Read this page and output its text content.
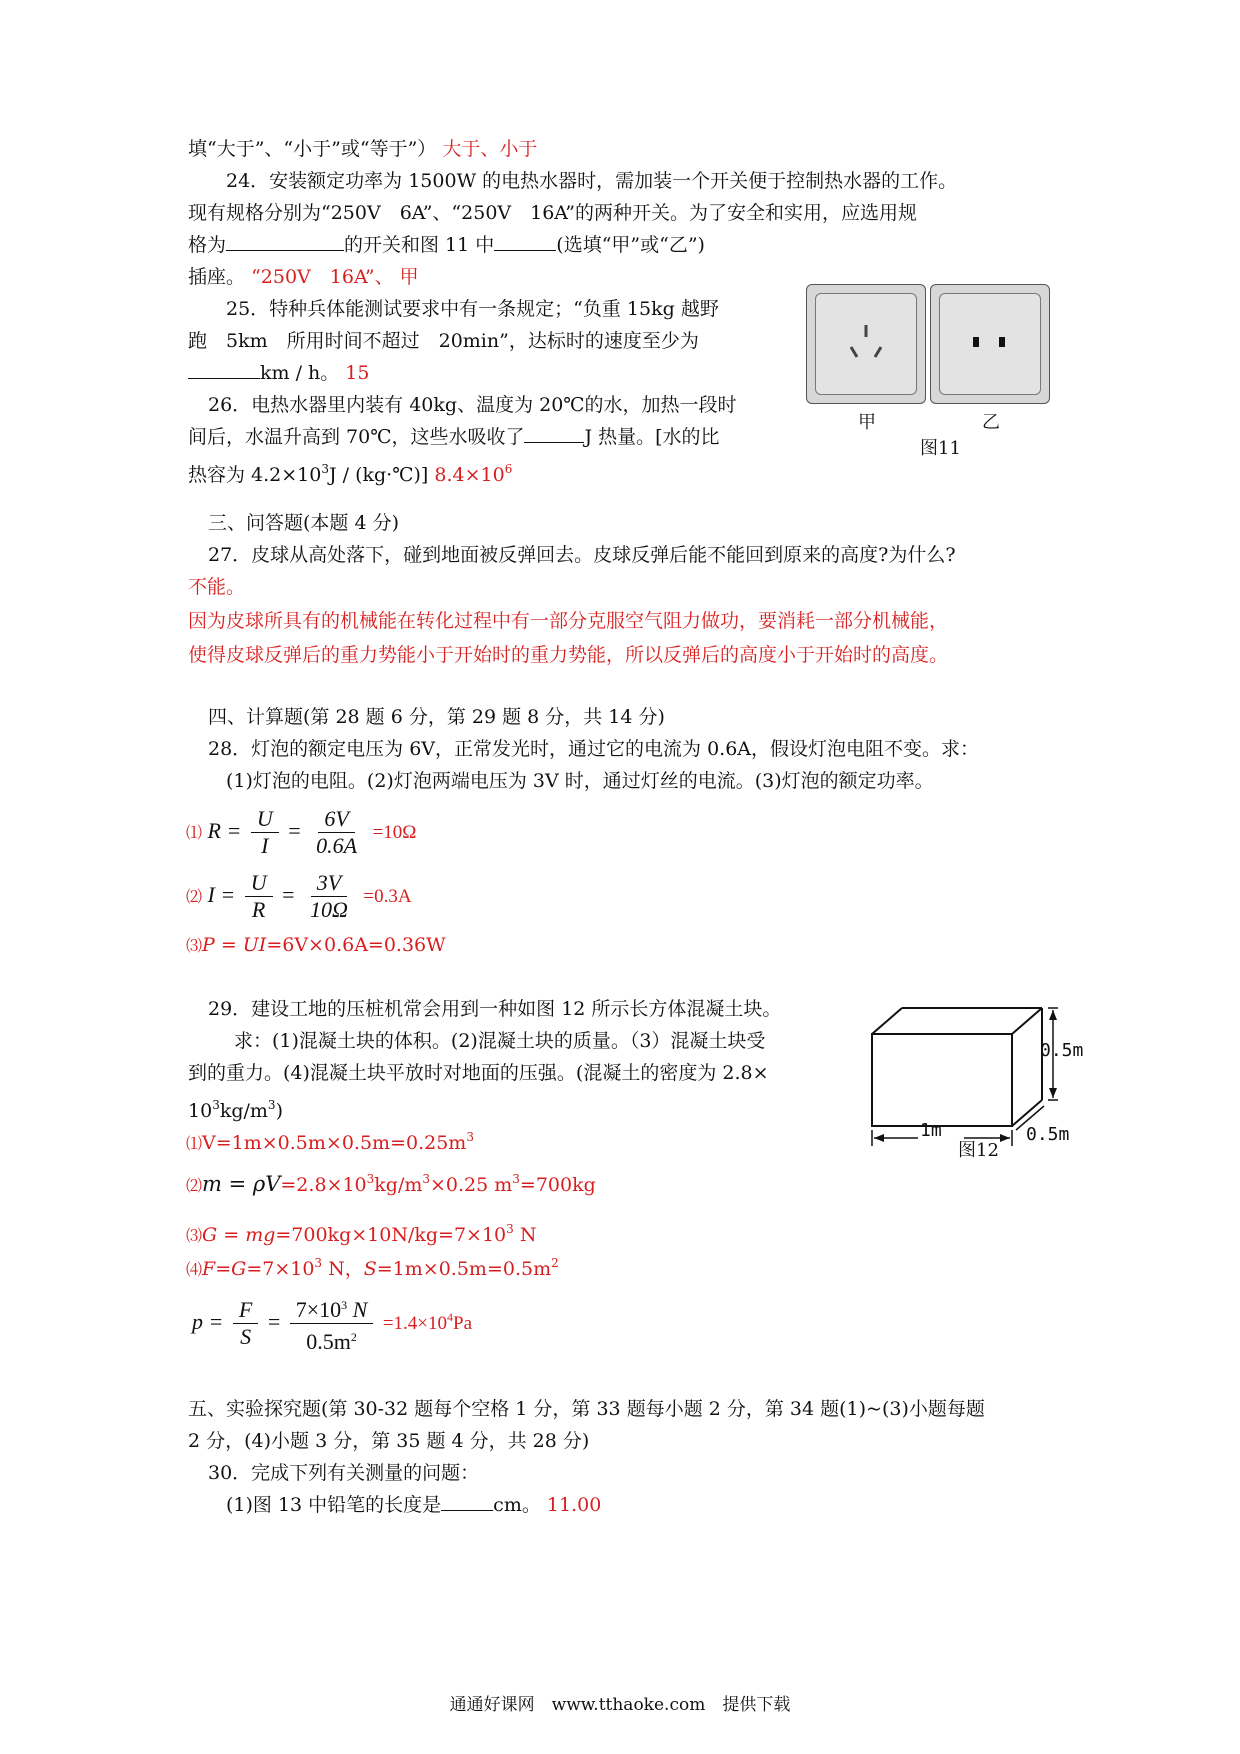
填“大于”、“小于”或“等于”） 大于、小于
24．安装额定功率为 1500W 的电热水器时，需加装一个开关便于控制热水器的工作。
现有规格分别为“250V　6A”、“250V　16A”的两种开关。为了安全和实用，应选用规
格为	的开关和图 11 中	(选填“甲”或“乙”)
插座。 “250V　16A”、 甲
25．特种兵体能测试要求中有一条规定；“负重 15kg 越野
跑　5km　所用时间不超过　20min”，达标时的速度至少为
km / h。 15
26．电热水器里内装有 40kg、温度为 20℃的水，加热一段时
间后，水温升高到 70℃，这些水吸收了	J 热量。[水的比
热容为 $4.2\times 10^3J$ / (kg·℃)] $8.4\times 10^6$
甲	乙
图11
三、问答题(本题 4 分)
27．皮球从高处落下，碰到地面被反弹回去。皮球反弹后能不能回到原来的高度?为什么?
不能。
因为皮球所具有的机械能在转化过程中有一部分克服空气阻力做功，要消耗一部分机械能，
使得皮球反弹后的重力势能小于开始时的重力势能，所以反弹后的高度小于开始时的高度。
四、计算题(第 28 题 6 分，第 29 题 8 分，共 14 分)
28．灯泡的额定电压为 6V，正常发光时，通过它的电流为 0.6A，假设灯泡电阻不变。求：
(1)灯泡的电阻。(2)灯泡两端电压为 3V 时，通过灯丝的电流。(3)灯泡的额定功率。
⑴ $R = \frac{U}{I} = \frac{6V}{0.6A} =10\Omega$
⑵ $I = \frac{U}{R} = \frac{3V}{10\Omega} =0.3A$
⑶P = UI=6V×0.6A=0.36W
29．建设工地的压桩机常会用到一种如图 12 所示长方体混凝土块。
求：(1)混凝土块的体积。(2)混凝土块的质量。（3）混凝土块受
到的重力。(4)混凝土块平放时对地面的压强。(混凝土的密度为 2.8×
$10^3kg/m^3$)
0.5m
1m	0.5m
图12
$⑴V=1m\times 0.5m\times 0.5m=0.25m^3$
⑵m = $\rho V=2.8\times 10^3kg/m^3\times 0.25$ $m^3=700kg$
⑶G = $mg=700kg\times 10N/kg=7\times 10^3$ N
$⑷F=G=7\times 10^3$ N，$S=1m\times 0.5m=0.5m^2$
$p = \frac{F}{S} = \frac{7\times 10^3 N}{0.5m^2} =1.4\times 10^4Pa$
五、实验探究题(第 30-32 题每个空格 1 分，第 33 题每小题 2 分，第 34 题(1)~(3)小题每题
2 分，(4)小题 3 分，第 35 题 4 分，共 28 分)
30．完成下列有关测量的问题：
(1)图 13 中铅笔的长度是	cm。 11.00
通通好课网　www.tthaoke.com　提供下载
